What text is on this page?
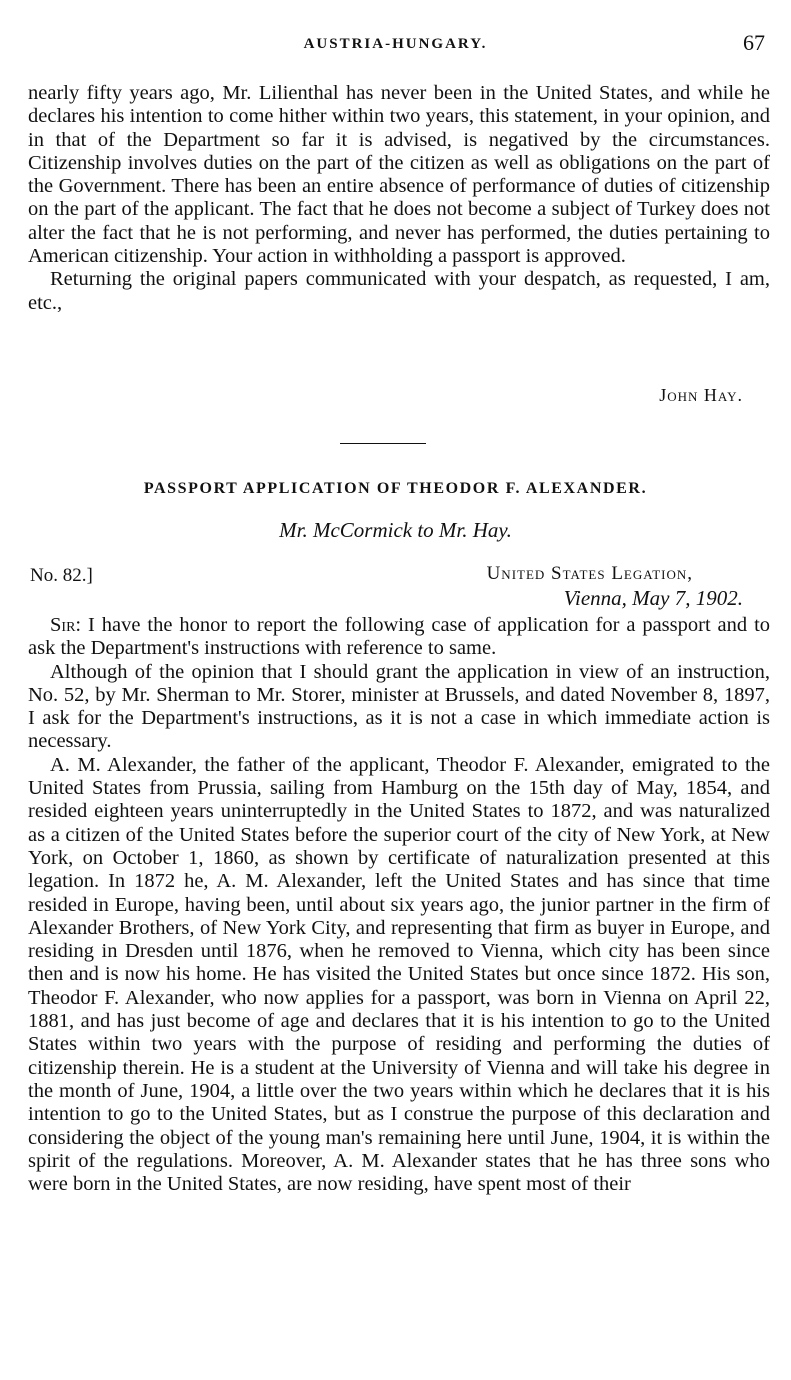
AUSTRIA-HUNGARY.	67

nearly fifty years ago, Mr. Lilienthal has never been in the United States, and while he declares his intention to come hither within two years, this statement, in your opinion, and in that of the Department so far it is advised, is negatived by the circumstances. Citizenship involves duties on the part of the citizen as well as obligations on the part of the Government. There has been an entire absence of performance of duties of citizenship on the part of the applicant. The fact that he does not become a subject of Turkey does not alter the fact that he is not performing, and never has performed, the duties pertaining to American citizenship. Your action in withholding a passport is approved.

Returning the original papers communicated with your despatch, as requested, I am, etc.,

John Hay.
PASSPORT APPLICATION OF THEODOR F. ALEXANDER.
Mr. McCormick to Mr. Hay.
No. 82.]	United States Legation,
Vienna, May 7, 1902.

Sir: I have the honor to report the following case of application for a passport and to ask the Department's instructions with reference to same.

Although of the opinion that I should grant the application in view of an instruction, No. 52, by Mr. Sherman to Mr. Storer, minister at Brussels, and dated November 8, 1897, I ask for the Department's instructions, as it is not a case in which immediate action is necessary.

A. M. Alexander, the father of the applicant, Theodor F. Alexander, emigrated to the United States from Prussia, sailing from Hamburg on the 15th day of May, 1854, and resided eighteen years uninterruptedly in the United States to 1872, and was naturalized as a citizen of the United States before the superior court of the city of New York, at New York, on October 1, 1860, as shown by certificate of naturalization presented at this legation. In 1872 he, A. M. Alexander, left the United States and has since that time resided in Europe, having been, until about six years ago, the junior partner in the firm of Alexander Brothers, of New York City, and representing that firm as buyer in Europe, and residing in Dresden until 1876, when he removed to Vienna, which city has been since then and is now his home. He has visited the United States but once since 1872. His son, Theodor F. Alexander, who now applies for a passport, was born in Vienna on April 22, 1881, and has just become of age and declares that it is his intention to go to the United States within two years with the purpose of residing and performing the duties of citizenship therein. He is a student at the University of Vienna and will take his degree in the month of June, 1904, a little over the two years within which he declares that it is his intention to go to the United States, but as I construe the purpose of this declaration and considering the object of the young man's remaining here until June, 1904, it is within the spirit of the regulations. Moreover, A. M. Alexander states that he has three sons who were born in the United States, are now residing, have spent most of their
